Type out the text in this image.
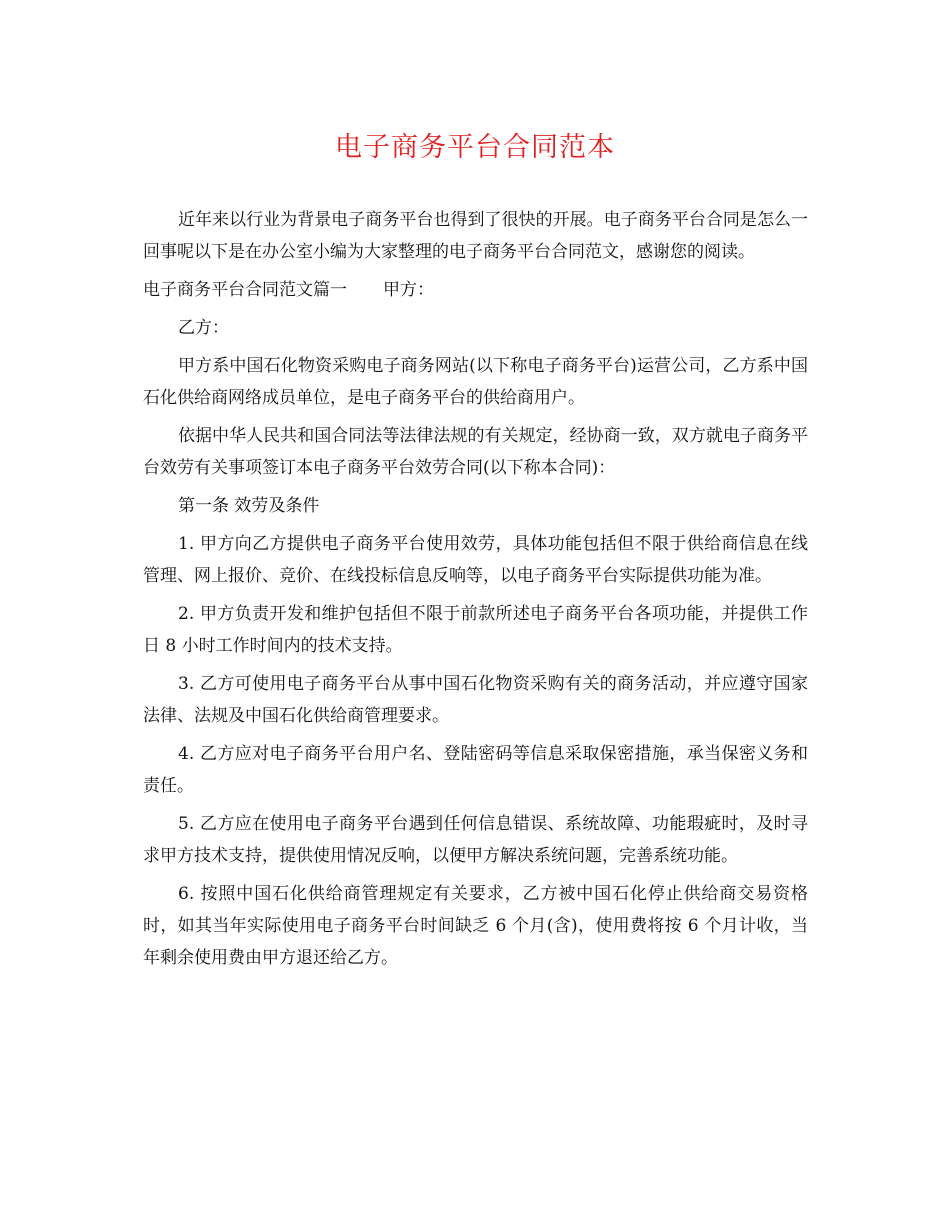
电子商务平台合同范本

近年来以行业为背景电子商务平台也得到了很快的开展。电子商务平台合同是怎么一回事呢以下是在办公室小编为大家整理的电子商务平台合同范文，感谢您的阅读。

电子商务平台合同范文篇一 甲方：

乙方：

甲方系中国石化物资采购电子商务网站(以下称电子商务平台)运营公司，乙方系中国石化供给商网络成员单位，是电子商务平台的供给商用户。

依据中华人民共和国合同法等法律法规的有关规定，经协商一致，双方就电子商务平台效劳有关事项签订本电子商务平台效劳合同(以下称本合同)：

第一条 效劳及条件

1. 甲方向乙方提供电子商务平台使用效劳，具体功能包括但不限于供给商信息在线管理、网上报价、竞价、在线投标信息反响等，以电子商务平台实际提供功能为准。

2. 甲方负责开发和维护包括但不限于前款所述电子商务平台各项功能，并提供工作日 8 小时工作时间内的技术支持。

3. 乙方可使用电子商务平台从事中国石化物资采购有关的商务活动，并应遵守国家法律、法规及中国石化供给商管理要求。

4. 乙方应对电子商务平台用户名、登陆密码等信息采取保密措施，承当保密义务和责任。

5. 乙方应在使用电子商务平台遇到任何信息错误、系统故障、功能瑕疵时，及时寻求甲方技术支持，提供使用情况反响，以便甲方解决系统问题，完善系统功能。

6. 按照中国石化供给商管理规定有关要求，乙方被中国石化停止供给商交易资格时，如其当年实际使用电子商务平台时间缺乏 6 个月(含)，使用费将按 6 个月计收，当年剩余使用费由甲方退还给乙方。
